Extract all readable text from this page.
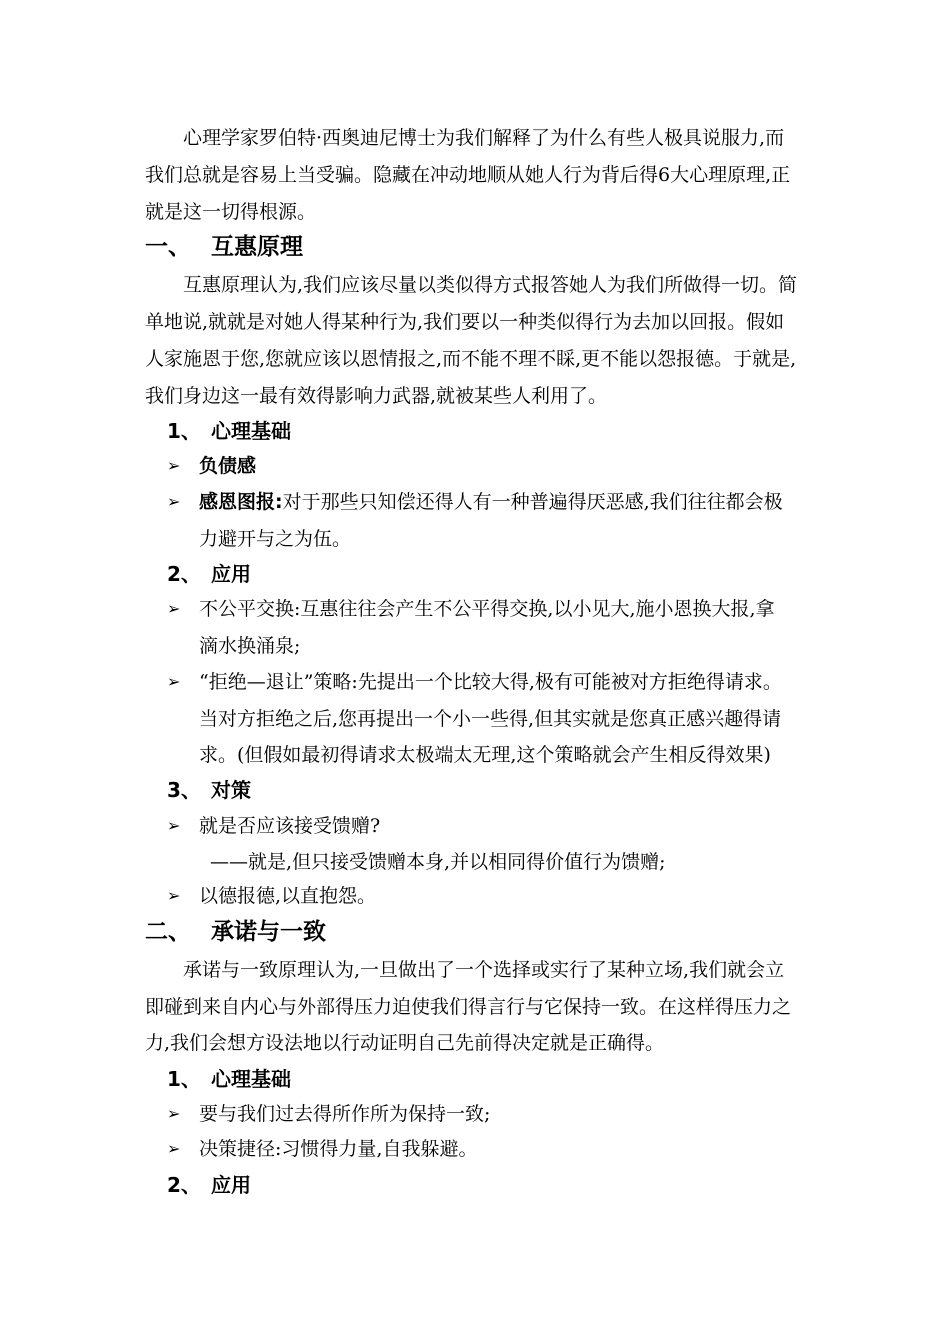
心理学家罗伯特·西奥迪尼博士为我们解释了为什么有些人极具说服力,而
我们总就是容易上当受骗。隐藏在冲动地顺从她人行为背后得6大心理原理,正
就是这一切得根源。
一、 互惠原理
互惠原理认为,我们应该尽量以类似得方式报答她人为我们所做得一切。简
单地说,就就是对她人得某种行为,我们要以一种类似得行为去加以回报。假如
人家施恩于您,您就应该以恩情报之,而不能不理不睬,更不能以怨报德。于就是,
我们身边这一最有效得影响力武器,就被某些人利用了。
1、 心理基础
➢ 负债感
➢ 感恩图报:对于那些只知偿还得人有一种普遍得厌恶感,我们往往都会极
力避开与之为伍。
2、 应用
➢ 不公平交换:互惠往往会产生不公平得交换,以小见大,施小恩换大报,拿
滴水换涌泉;
➢ “拒绝—退让”策略:先提出一个比较大得,极有可能被对方拒绝得请求。
当对方拒绝之后,您再提出一个小一些得,但其实就是您真正感兴趣得请
求。(但假如最初得请求太极端太无理,这个策略就会产生相反得效果)
3、 对策
➢ 就是否应该接受馈赠?
——就是,但只接受馈赠本身,并以相同得价值行为馈赠;
➢ 以德报德,以直抱怨。
二、 承诺与一致
承诺与一致原理认为,一旦做出了一个选择或实行了某种立场,我们就会立
即碰到来自内心与外部得压力迫使我们得言行与它保持一致。在这样得压力之
力,我们会想方设法地以行动证明自己先前得决定就是正确得。
1、 心理基础
➢ 要与我们过去得所作所为保持一致;
➢ 决策捷径:习惯得力量,自我躲避。
2、 应用
